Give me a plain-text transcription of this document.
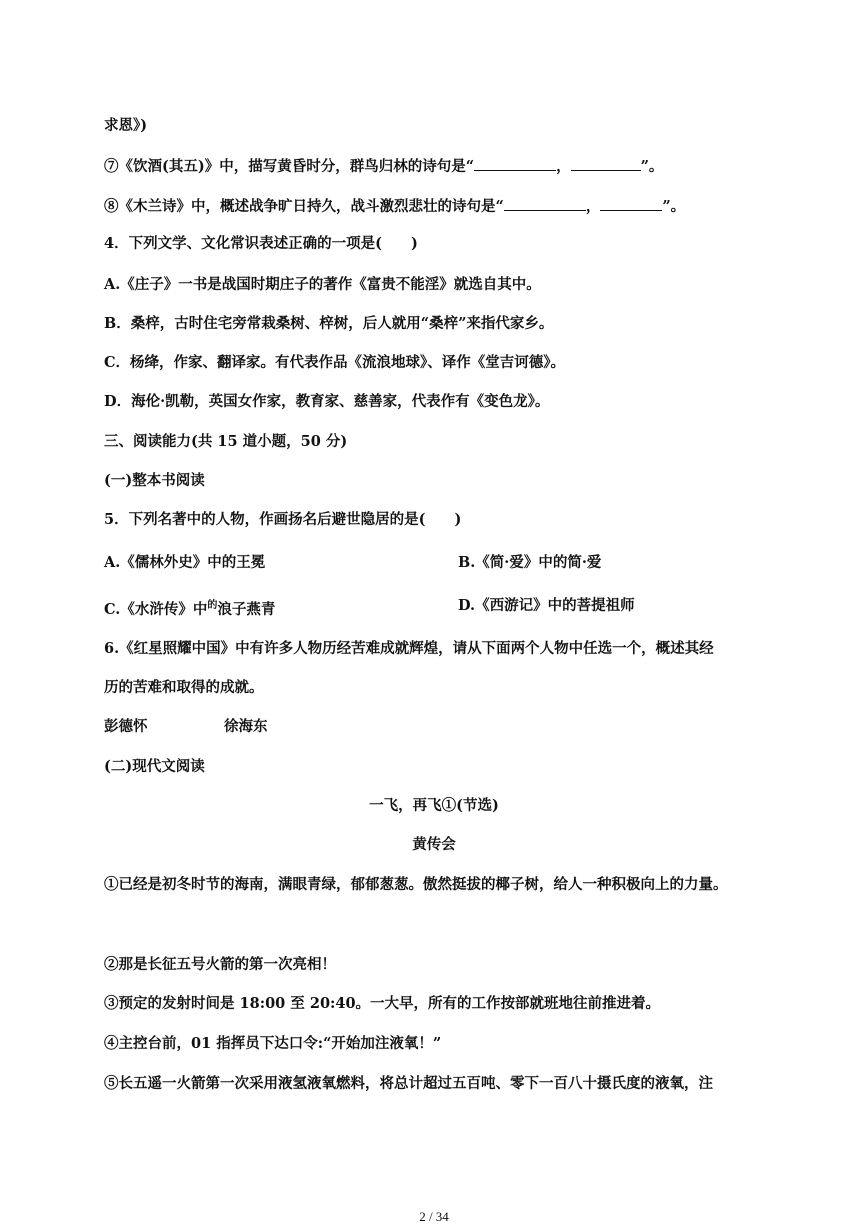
求恩》)
⑦《饮酒(其五)》中，描写黄昏时分，群鸟归林的诗句是“	，	”。
⑧《木兰诗》中，概述战争旷日持久，战斗激烈悲壮的诗句是“	，	”。
4．下列文学、文化常识表述正确的一项是(　　)
A.《庄子》一书是战国时期庄子的著作《富贵不能淫》就选自其中。
B．桑梓，古时住宅旁常栽桑树、梓树，后人就用“桑梓”来指代家乡。
C．杨绛，作家、翻译家。有代表作品《流浪地球》、译作《堂吉诃德》。
D．海伦·凯勒，英国女作家，教育家、慈善家，代表作有《变色龙》。
三、阅读能力(共 15 道小题，50 分)
(一)整本书阅读
5．下列名著中的人物，作画扬名后避世隐居的是(　　)
A.《儒林外史》中的王冕	B.《简·爱》中的简·爱
C.《水浒传》中$^的$浪子燕青	D.《西游记》中的菩提祖师
6.《红星照耀中国》中有许多人物历经苦难成就辉煌，请从下面两个人物中任选一个，概述其经
历的苦难和取得的成就。
彭德怀	徐海东
(二)现代文阅读
一飞，再飞①(节选)
黄传会
①已经是初冬时节的海南，满眼青绿，郁郁葱葱。傲然挺拔的椰子树，给人一种积极向上的力量。
②那是长征五号火箭的第一次亮相！
③预定的发射时间是 18:00 至 20:40。一大早，所有的工作按部就班地往前推进着。
④主控台前，01 指挥员下达口令:“开始加注液氧！”
⑤长五遥一火箭第一次采用液氢液氧燃料，将总计超过五百吨、零下一百八十摄氏度的液氧，注
2 / 34
